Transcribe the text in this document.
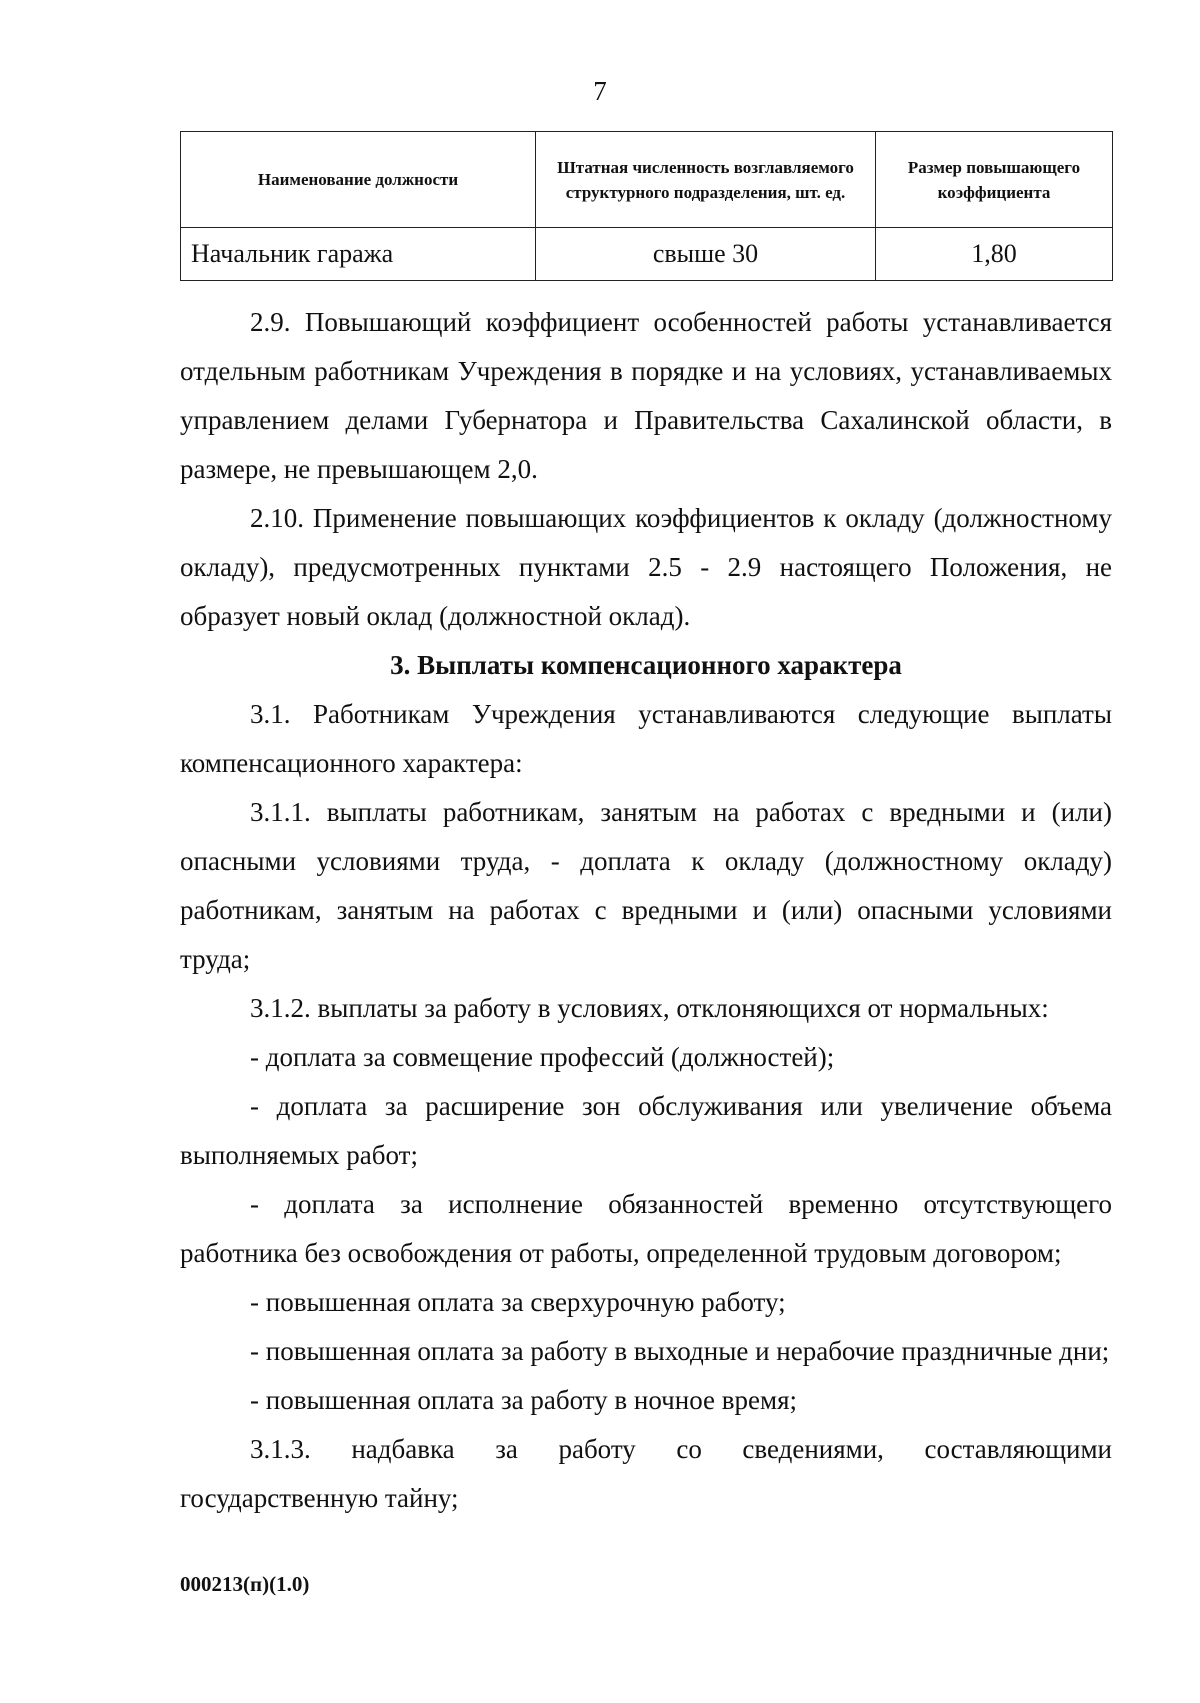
7
Наименование должности	Штатная численность возглавляемого структурного подразделения, шт. ед.	Размер повышающего коэффициента
Начальник гаража	свыше 30	1,80

2.9. Повышающий коэффициент особенностей работы устанавливается отдельным работникам Учреждения в порядке и на условиях, устанавливаемых управлением делами Губернатора и Правительства Сахалинской области, в размере, не превышающем 2,0.

2.10. Применение повышающих коэффициентов к окладу (должностному окладу), предусмотренных пунктами 2.5 - 2.9 настоящего Положения, не образует новый оклад (должностной оклад).

3. Выплаты компенсационного характера

3.1. Работникам Учреждения устанавливаются следующие выплаты компенсационного характера:

3.1.1. выплаты работникам, занятым на работах с вредными и (или) опасными условиями труда, - доплата к окладу (должностному окладу) работникам, занятым на работах с вредными и (или) опасными условиями труда;

3.1.2. выплаты за работу в условиях, отклоняющихся от нормальных:

- доплата за совмещение профессий (должностей);

- доплата за расширение зон обслуживания или увеличение объема выполняемых работ;

- доплата за исполнение обязанностей временно отсутствующего работника без освобождения от работы, определенной трудовым договором;

- повышенная оплата за сверхурочную работу;

- повышенная оплата за работу в выходные и нерабочие праздничные дни;

- повышенная оплата за работу в ночное время;

3.1.3. надбавка за работу со сведениями, составляющими государственную тайну;

000213(п)(1.0)
